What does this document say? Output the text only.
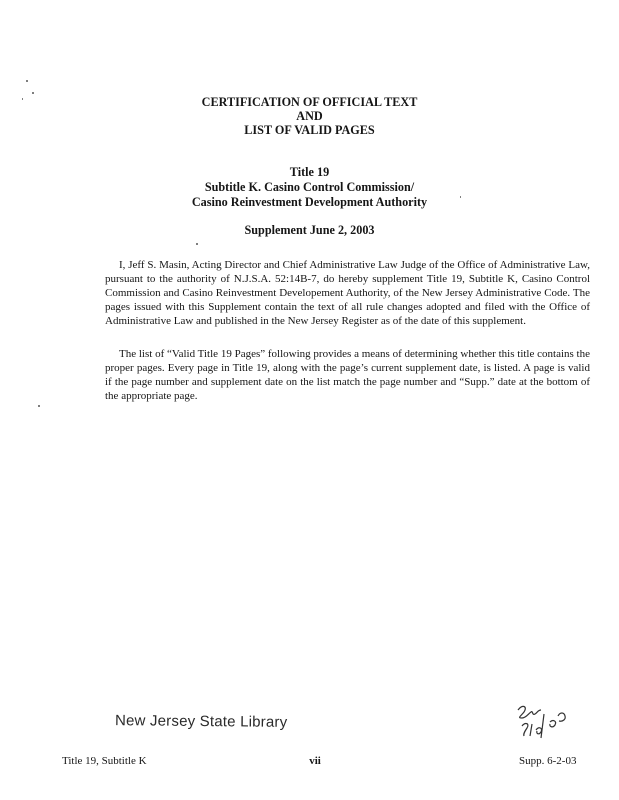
CERTIFICATION OF OFFICIAL TEXT
AND
LIST OF VALID PAGES
Title 19
Subtitle K. Casino Control Commission/
Casino Reinvestment Development Authority
Supplement June 2, 2003

I, Jeff S. Masin, Acting Director and Chief Administrative Law Judge of the Office of Administrative Law, pursuant to the authority of N.J.S.A. 52:14B-7, do hereby supplement Title 19, Subtitle K, Casino Control Commission and Casino Reinvestment Developement Authority, of the New Jersey Administrative Code. The pages issued with this Supplement contain the text of all rule changes adopted and filed with the Office of Administrative Law and published in the New Jersey Register as of the date of this supplement.

The list of “Valid Title 19 Pages” following provides a means of determining whether this title contains the proper pages. Every page in Title 19, along with the page’s current supplement date, is listed. A page is valid if the page number and supplement date on the list match the page number and “Supp.” date at the bottom of the appropriate page.

New Jersey State Library
Title 19, Subtitle K	vii	Supp. 6-2-03
